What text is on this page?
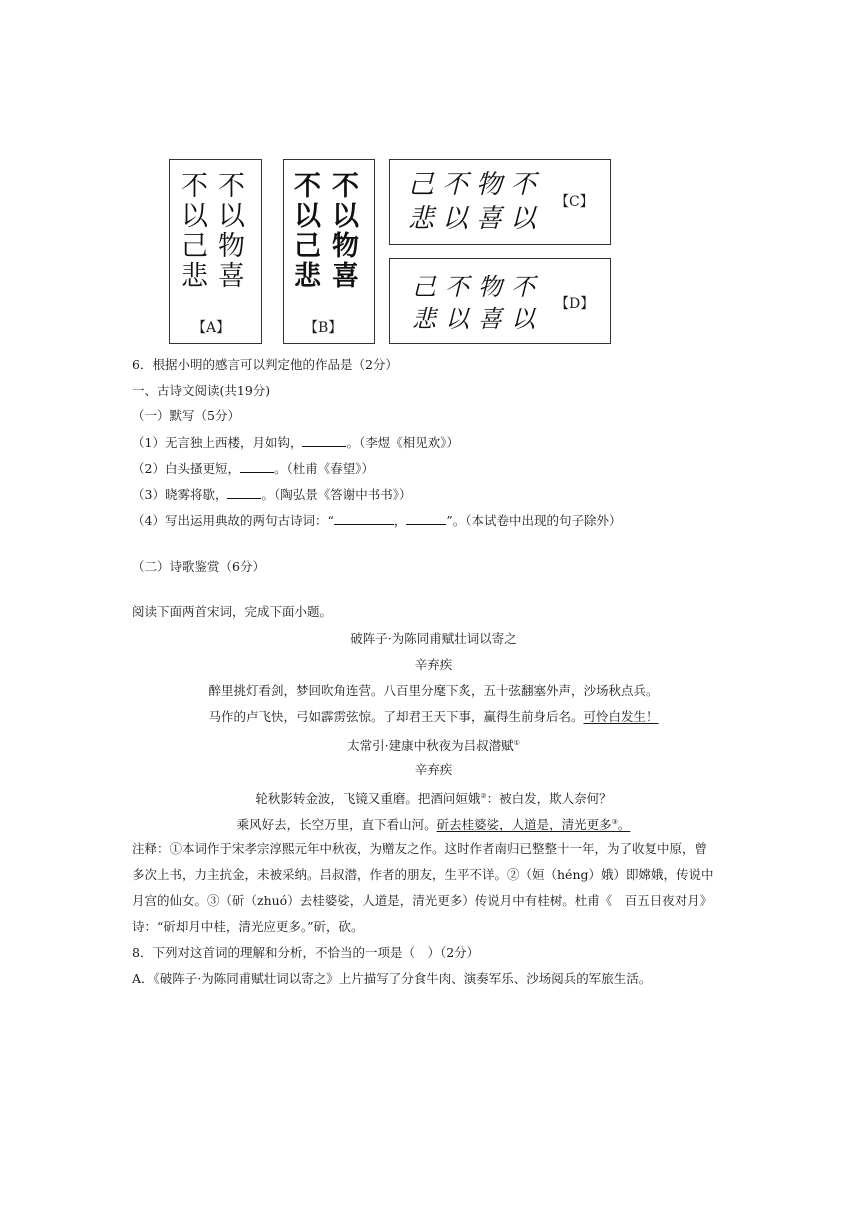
不以物喜
不以己悲
【A】
不以物喜
不以己悲
【B】
己不物不
悲以喜以
【C】
己不物不
悲以喜以
【D】
6．根据小明的感言可以判定他的作品是（2分）
一、古诗文阅读(共19分)
（一）默写（5分）
（1）无言独上西楼，月如钩，	。（李煜《相见欢》）
（2）白头搔更短，	。（杜甫《春望》）
（3）晓雾将歇，	。（陶弘景《答谢中书书》）
（4）写出运用典故的两句古诗词：“	，	”。（本试卷中出现的句子除外）
（二）诗歌鉴赏（6分）
阅读下面两首宋词，完成下面小题。
破阵子·为陈同甫赋壮词以寄之
辛弃疾
醉里挑灯看剑，梦回吹角连营。八百里分麾下炙，五十弦翻塞外声，沙场秋点兵。
马作的卢飞快，弓如霹雳弦惊。了却君王天下事，赢得生前身后名。可怜白发生！
太常引·建康中秋夜为吕叔潜赋①
辛弃疾
轮秋影转金波，飞镜又重磨。把酒问姮娥②：被白发，欺人奈何？
乘风好去，长空万里，直下看山河。斫去桂婆娑，人道是，清光更多③。
注释：①本词作于宋孝宗淳熙元年中秋夜，为赠友之作。这时作者南归已整整十一年，为了收复中原，曾
多次上书，力主抗金，未被采纳。吕叔潜，作者的朋友，生平不详。②（姮（héng）娥）即嫦娥，传说中
月宫的仙女。③（斫（zhuó）去桂婆娑，人道是，清光更多）传说月中有桂树。杜甫《　百五日夜对月》
诗：“斫却月中桂，清光应更多。”斫，砍。
8．下列对这首词的理解和分析，不恰当的一项是（　）（2分）
A．《破阵子·为陈同甫赋壮词以寄之》上片描写了分食牛肉、演奏军乐、沙场阅兵的军旅生活。
